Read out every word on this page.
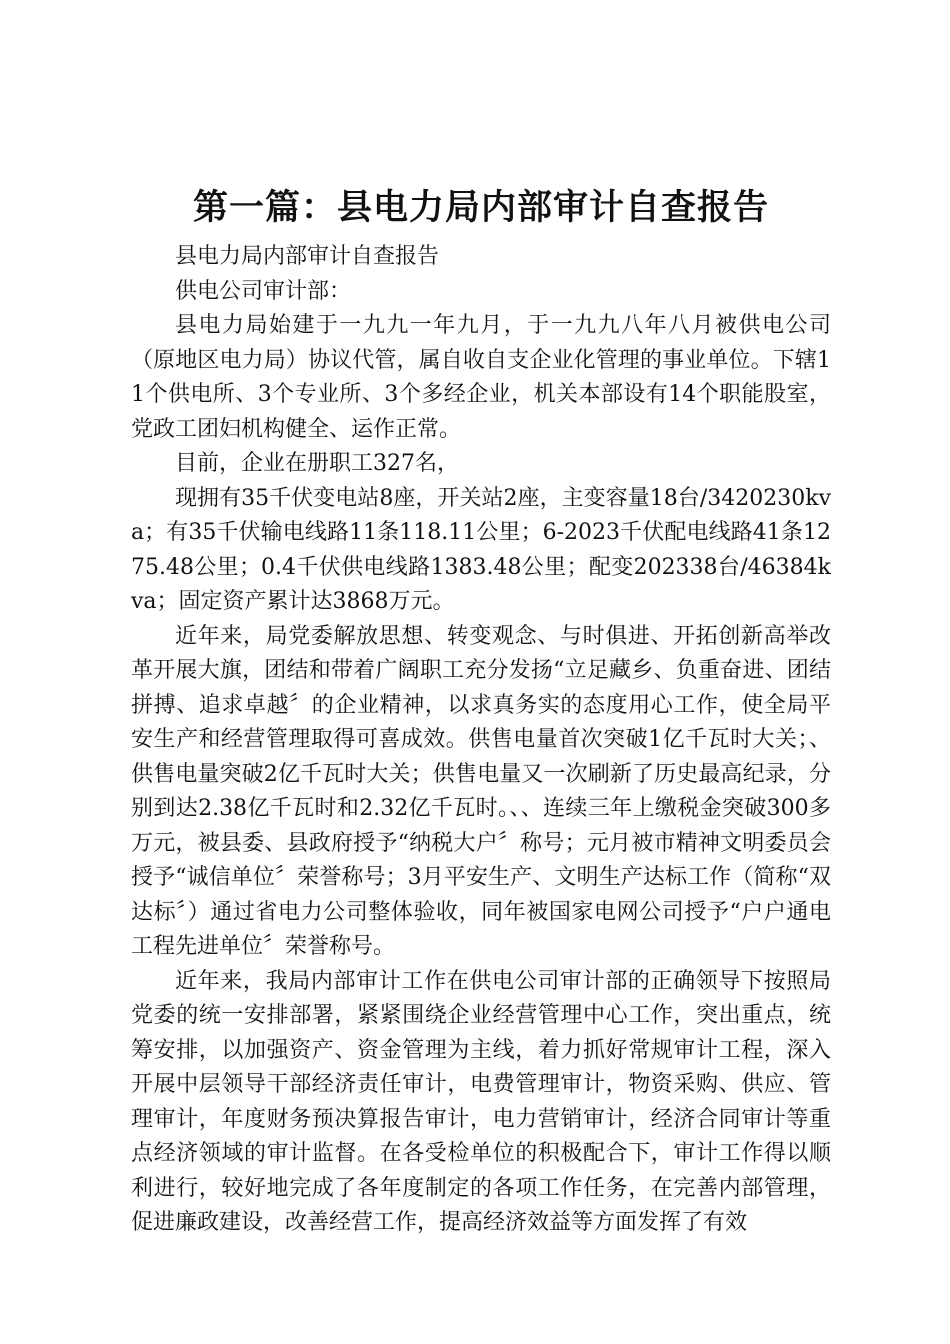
第一篇：县电力局内部审计自查报告

县电力局内部审计自查报告

供电公司审计部：

县电力局始建于一九九一年九月，于一九九八年八月被供电公司（原地区电力局）协议代管，属自收自支企业化管理的事业单位。下辖11个供电所、3个专业所、3个多经企业，机关本部设有14个职能股室，党政工团妇机构健全、运作正常。

目前，企业在册职工327名，

现拥有35千伏变电站8座，开关站2座，主变容量18台/3420230kva；有35千伏输电线路11条118.11公里；6-2023千伏配电线路41条1275.48公里；0.4千伏供电线路1383.48公里；配变202338台/46384kva；固定资产累计达3868万元。

近年来，局党委解放思想、转变观念、与时俱进、开拓创新高举改革开展大旗，团结和带着广阔职工充分发扬“立足藏乡、负重奋进、团结拼搏、追求卓越〞的企业精神，以求真务实的态度用心工作，使全局平安生产和经营管理取得可喜成效。供售电量首次突破1亿千瓦时大关；、供售电量突破2亿千瓦时大关；供售电量又一次刷新了历史最高纪录，分别到达2.38亿千瓦时和2.32亿千瓦时。、、连续三年上缴税金突破300多万元，被县委、县政府授予“纳税大户〞称号；元月被市精神文明委员会授予“诚信单位〞荣誉称号；3月平安生产、文明生产达标工作（简称“双达标〞）通过省电力公司整体验收，同年被国家电网公司授予“户户通电工程先进单位〞荣誉称号。

近年来，我局内部审计工作在供电公司审计部的正确领导下按照局党委的统一安排部署，紧紧围绕企业经营管理中心工作，突出重点，统筹安排，以加强资产、资金管理为主线，着力抓好常规审计工程，深入开展中层领导干部经济责任审计，电费管理审计，物资采购、供应、管理审计，年度财务预决算报告审计，电力营销审计，经济合同审计等重点经济领域的审计监督。在各受检单位的积极配合下，审计工作得以顺利进行，较好地完成了各年度制定的各项工作任务，在完善内部管理，促进廉政建设，改善经营工作，提高经济效益等方面发挥了有效
